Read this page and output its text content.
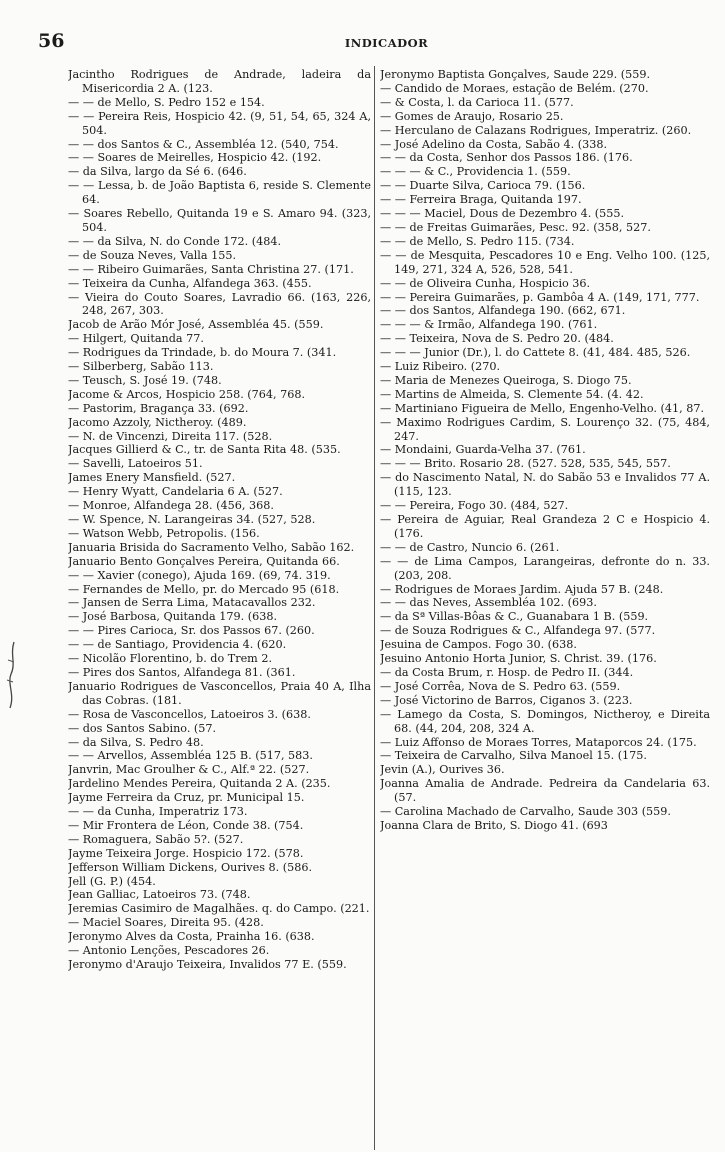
56	INDICADOR

Jacintho Rodrigues de Andrade, ladeira da Misericordia 2 A. (123.

— — de Mello, S. Pedro 152 e 154.

— — Pereira Reis, Hospicio 42. (9, 51, 54, 65, 324 A, 504.

— — dos Santos & C., Assembléa 12. (540, 754.

— — Soares de Meirelles, Hospicio 42. (192.

— da Silva, largo da Sé 6. (646.

— — Lessa, b. de João Baptista 6, reside S. Clemente 64.

— Soares Rebello, Quitanda 19 e S. Amaro 94. (323, 504.

— — da Silva, N. do Conde 172. (484.

— de Souza Neves, Valla 155.

— — Ribeiro Guimarães, Santa Christina 27. (171.

— Teixeira da Cunha, Alfandega 363. (455.

— Vieira do Couto Soares, Lavradio 66. (163, 226, 248, 267, 303.

Jacob de Arão Mór José, Assembléa 45. (559.

— Hilgert, Quitanda 77.

— Rodrigues da Trindade, b. do Moura 7. (341.

— Silberberg, Sabão 113.

— Teusch, S. José 19. (748.

Jacome & Arcos, Hospicio 258. (764, 768.

— Pastorim, Bragança 33. (692.

Jacomo Azzoly, Nictheroy. (489.

— N. de Vincenzi, Direita 117. (528.

Jacques Gillierd & C., tr. de Santa Rita 48. (535.

— Savelli, Latoeiros 51.

James Enery Mansfield. (527.

— Henry Wyatt, Candelaria 6 A. (527.

— Monroe, Alfandega 28. (456, 368.

— W. Spence, N. Larangeiras 34. (527, 528.

— Watson Webb, Petropolis. (156.

Januaria Brisida do Sacramento Velho, Sabão 162.

Januario Bento Gonçalves Pereira, Quitanda 66.

— — Xavier (conego), Ajuda 169. (69, 74. 319.

— Fernandes de Mello, pr. do Mercado 95 (618.

— Jansen de Serra Lima, Matacavallos 232.

— José Barbosa, Quitanda 179. (638.

— — Pires Carioca, Sr. dos Passos 67. (260.

— — de Santiago, Providencia 4. (620.

— Nicolão Florentino, b. do Trem 2.

— Pires dos Santos, Alfandega 81. (361.

Januario Rodrigues de Vasconcellos, Praia 40 A, Ilha das Cobras. (181.

— Rosa de Vasconcellos, Latoeiros 3. (638.

— dos Santos Sabino. (57.

— da Silva, S. Pedro 48.

— — Arvellos, Assembléa 125 B. (517, 583.

Janvrin, Mac Groulher & C., Alf.ª 22. (527.

Jardelino Mendes Pereira, Quitanda 2 A. (235.

Jayme Ferreira da Cruz, pr. Municipal 15.

— — da Cunha, Imperatriz 173.

— Mir Frontera de Léon, Conde 38. (754.

— Romaguera, Sabão 5?. (527.

Jayme Teixeira Jorge. Hospicio 172. (578.

Jefferson William Dickens, Ourives 8. (586.

Jell (G. P.) (454.

Jean Galliac, Latoeiros 73. (748.

Jeremias Casimiro de Magalhães. q. do Campo. (221.

— Maciel Soares, Direita 95. (428.

Jeronymo Alves da Costa, Prainha 16. (638.

— Antonio Lenções, Pescadores 26.

Jeronymo d'Araujo Teixeira, Invalidos 77 E. (559.

Jeronymo Baptista Gonçalves, Saude 229. (559.

— Candido de Moraes, estação de Belém. (270.

— & Costa, l. da Carioca 11. (577.

— Gomes de Araujo, Rosario 25.

— Herculano de Calazans Rodrigues, Imperatriz. (260.

— José Adelino da Costa, Sabão 4. (338.

— — da Costa, Senhor dos Passos 186. (176.

— — — & C., Providencia 1. (559.

— — Duarte Silva, Carioca 79. (156.

— — Ferreira Braga, Quitanda 197.

— — — Maciel, Dous de Dezembro 4. (555.

— — de Freitas Guimarães, Pesc. 92. (358, 527.

— — de Mello, S. Pedro 115. (734.

— — de Mesquita, Pescadores 10 e Eng. Velho 100. (125, 149, 271, 324 A, 526, 528, 541.

— — de Oliveira Cunha, Hospicio 36.

— — Pereira Guimarães, p. Gambôa 4 A. (149, 171, 777.

— — dos Santos, Alfandega 190. (662, 671.

— — — & Irmão, Alfandega 190. (761.

— — Teixeira, Nova de S. Pedro 20. (484.

— — — Junior (Dr.), l. do Cattete 8. (41, 484. 485, 526.

— Luiz Ribeiro. (270.

— Maria de Menezes Queiroga, S. Diogo 75.

— Martins de Almeida, S. Clemente 54. (4. 42.

— Martiniano Figueira de Mello, Engenho-Velho. (41, 87.

— Maximo Rodrigues Cardim, S. Lourenço 32. (75, 484, 247.

— Mondaini, Guarda-Velha 37. (761.

— — — Brito. Rosario 28. (527. 528, 535, 545, 557.

— do Nascimento Natal, N. do Sabão 53 e Invalidos 77 A. (115, 123.

— — Pereira, Fogo 30. (484, 527.

— Pereira de Aguiar, Real Grandeza 2 C e Hospicio 4. (176.

— — de Castro, Nuncio 6. (261.

— — de Lima Campos, Larangeiras, defronte do n. 33. (203, 208.

— Rodrigues de Moraes Jardim. Ajuda 57 B. (248.

— — das Neves, Assembléa 102. (693.

— da Sª Villas-Bôas & C., Guanabara 1 B. (559.

— de Souza Rodrigues & C., Alfandega 97. (577.

Jesuina de Campos. Fogo 30. (638.

Jesuino Antonio Horta Junior, S. Christ. 39. (176.

— da Costa Brum, r. Hosp. de Pedro II. (344.

— José Corrêa, Nova de S. Pedro 63. (559.

— José Victorino de Barros, Ciganos 3. (223.

— Lamego da Costa, S. Domingos, Nictheroy, e Direita 68. (44, 204, 208, 324 A.

— Luiz Affonso de Moraes Torres, Mataporcos 24. (175.

— Teixeira de Carvalho, Silva Manoel 15. (175.

Jevin (A.), Ourives 36.

Joanna Amalia de Andrade. Pedreira da Candelaria 63. (57.

— Carolina Machado de Carvalho, Saude 303 (559.

Joanna Clara de Brito, S. Diogo 41. (693
